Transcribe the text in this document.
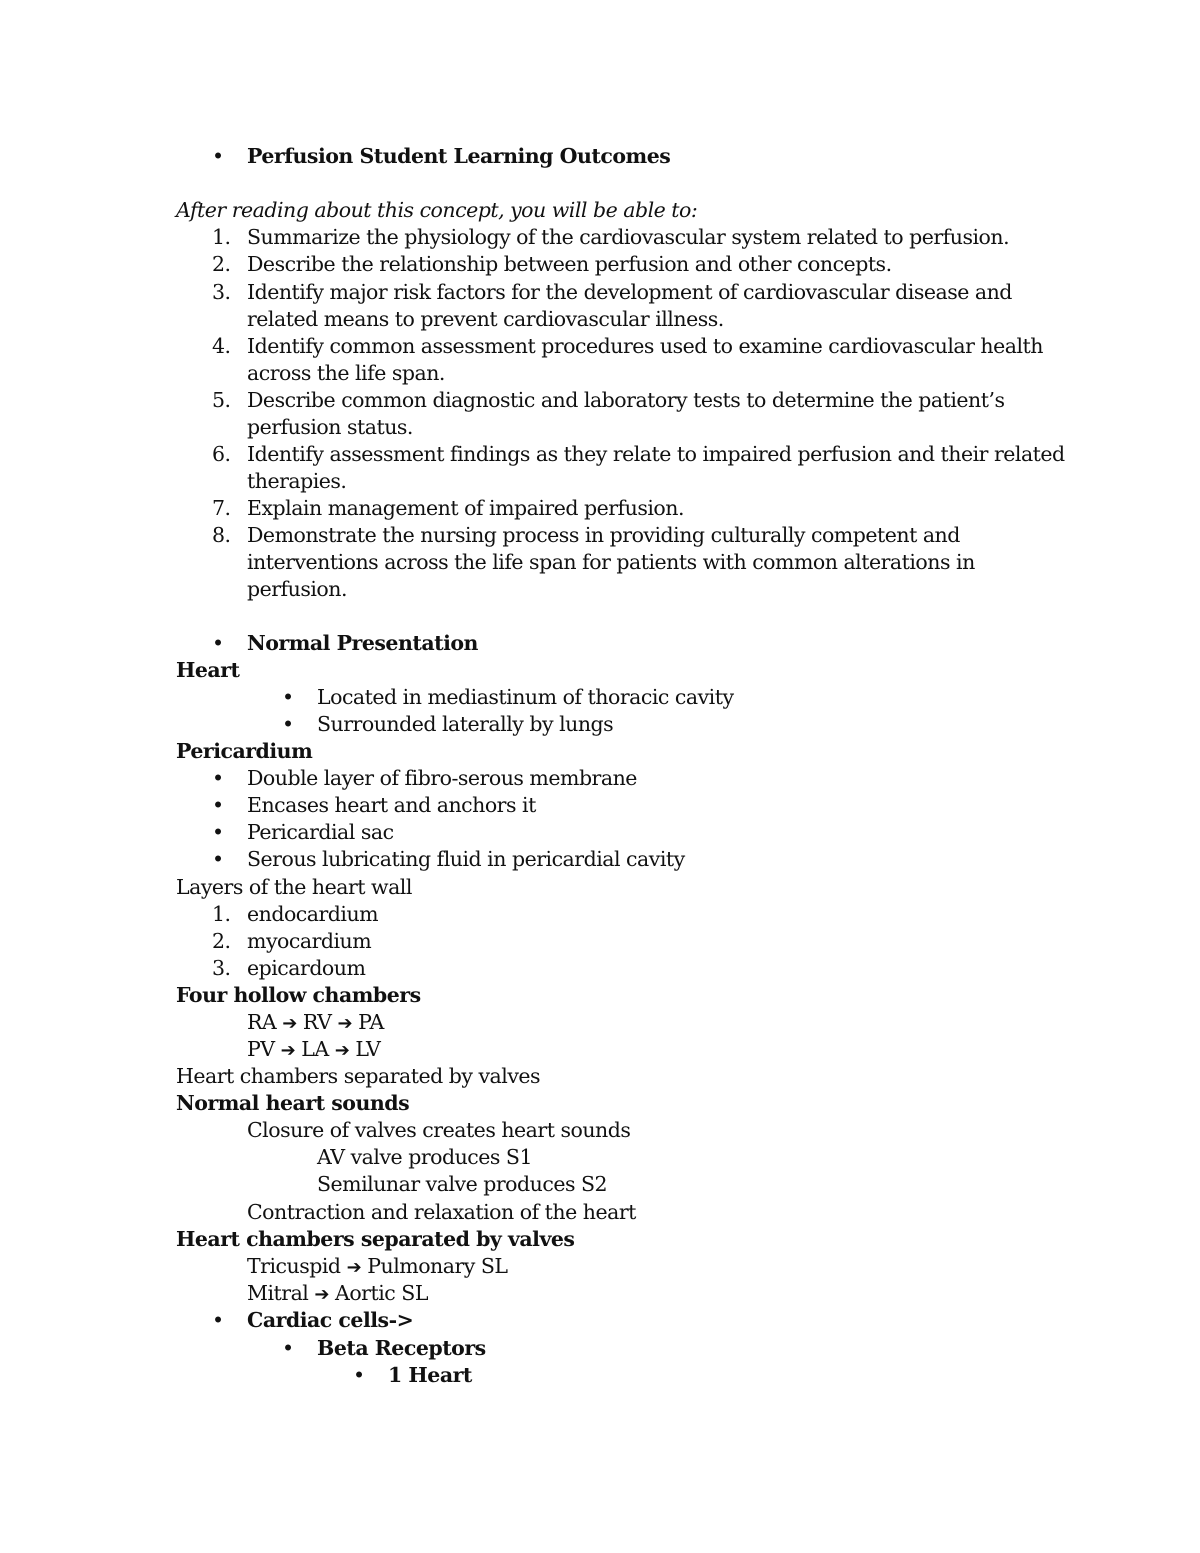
• Perfusion Student Learning Outcomes
After reading about this concept, you will be able to:
1. Summarize the physiology of the cardiovascular system related to perfusion.
2. Describe the relationship between perfusion and other concepts.
3. Identify major risk factors for the development of cardiovascular disease and
related means to prevent cardiovascular illness.
4. Identify common assessment procedures used to examine cardiovascular health
across the life span.
5. Describe common diagnostic and laboratory tests to determine the patient’s
perfusion status.
6. Identify assessment findings as they relate to impaired perfusion and their related
therapies.
7. Explain management of impaired perfusion.
8. Demonstrate the nursing process in providing culturally competent and
interventions across the life span for patients with common alterations in
perfusion.
• Normal Presentation
Heart
• Located in mediastinum of thoracic cavity
• Surrounded laterally by lungs
Pericardium
• Double layer of fibro-serous membrane
• Encases heart and anchors it
• Pericardial sac
• Serous lubricating fluid in pericardial cavity
Layers of the heart wall
1. endocardium
2. myocardium
3. epicardoum
Four hollow chambers
RA ➔ RV ➔ PA
PV ➔ LA ➔ LV
Heart chambers separated by valves
Normal heart sounds
Closure of valves creates heart sounds
AV valve produces S1
Semilunar valve produces S2
Contraction and relaxation of the heart
Heart chambers separated by valves
Tricuspid ➔ Pulmonary SL
Mitral ➔ Aortic SL
• Cardiac cells->
• Beta Receptors
• 1 Heart
